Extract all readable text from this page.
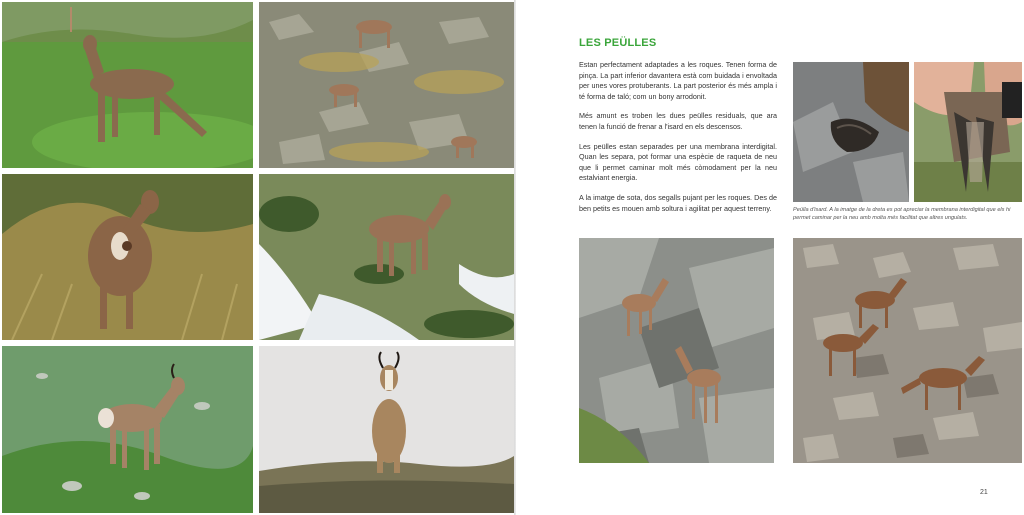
LES PEÜLLES

Estan perfectament adaptades a les roques. Tenen forma de pinça. La part inferior davantera està com buidada i envoltada per unes vores protuberants. La part posterior és més ampla i té forma de taló; com un bony arrodonit.

Més amunt es troben les dues peülles residuals, que ara tenen la funció de frenar a l'isard en els descensos.

Les peülles estan separades per una membrana interdigital. Quan les separa, pot formar una espècie de raqueta de neu que li permet caminar molt més còmodament per la neu estalviant energia.

A la imatge de sota, dos segalls pujant per les roques. Des de ben petits es mouen amb soltura i agilitat per aquest terreny.	Peülla d'isard. A la imatge de la dreta es pot apreciar la membrana interdigital que els hi permet caminar per la neu amb molta més facilitat que altres ungulats.
21
